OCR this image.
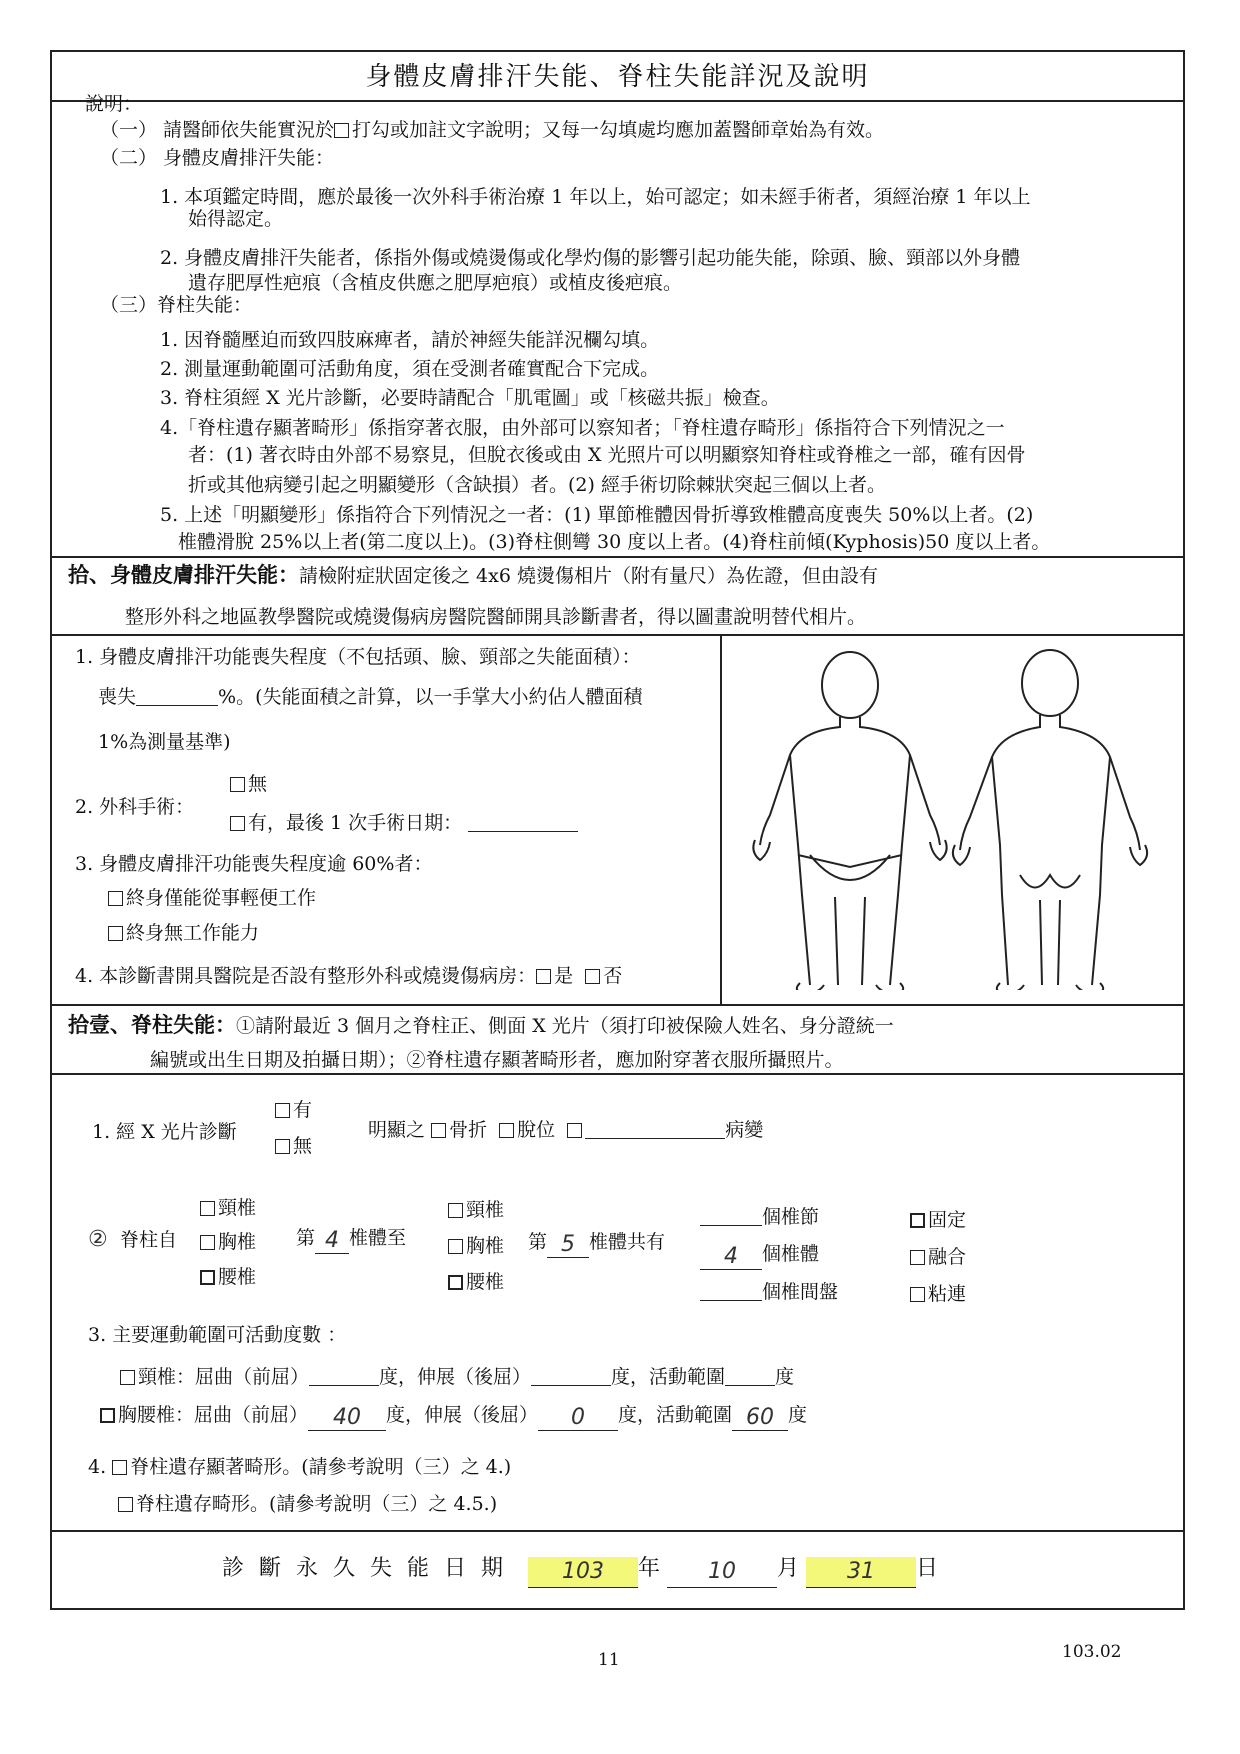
身體皮膚排汗失能、脊柱失能詳況及說明
說明：
（一） 請醫師依失能實況於 打勾或加註文字說明；又每一勾填處均應加蓋醫師章始為有效。
（二） 身體皮膚排汗失能：
1. 本項鑑定時間，應於最後一次外科手術治療 1 年以上，始可認定；如未經手術者，須經治療 1 年以上
始得認定。
2. 身體皮膚排汗失能者，係指外傷或燒燙傷或化學灼傷的影響引起功能失能，除頭、臉、頸部以外身體
遺存肥厚性疤痕（含植皮供應之肥厚疤痕）或植皮後疤痕。
（三）脊柱失能：
1. 因脊髓壓迫而致四肢麻痺者，請於神經失能詳況欄勾填。
2. 測量運動範圍可活動角度，須在受測者確實配合下完成。
3. 脊柱須經 X 光片診斷，必要時請配合「肌電圖」或「核磁共振」檢查。
4.「脊柱遺存顯著畸形」係指穿著衣服，由外部可以察知者；「脊柱遺存畸形」係指符合下列情況之一
者：(1) 著衣時由外部不易察見，但脫衣後或由 X 光照片可以明顯察知脊柱或脊椎之一部，確有因骨
折或其他病變引起之明顯變形（含缺損）者。(2) 經手術切除棘狀突起三個以上者。
5. 上述「明顯變形」係指符合下列情況之一者：(1) 單節椎體因骨折導致椎體高度喪失 50%以上者。(2)
椎體滑脫 25%以上者(第二度以上)。(3)脊柱側彎 30 度以上者。(4)脊柱前傾(Kyphosis)50 度以上者。
拾、身體皮膚排汗失能：請檢附症狀固定後之 4x6 燒燙傷相片（附有量尺）為佐證，但由設有
整形外科之地區教學醫院或燒燙傷病房醫院醫師開具診斷書者，得以圖畫說明替代相片。
1. 身體皮膚排汗功能喪失程度（不包括頭、臉、頸部之失能面積）：
喪失	%。(失能面積之計算，以一手掌大小約佔人體面積
1%為測量基準)
2. 外科手術：
無
有，最後 1 次手術日期：
3. 身體皮膚排汗功能喪失程度逾 60%者：
終身僅能從事輕便工作
終身無工作能力
4. 本診斷書開具醫院是否設有整形外科或燒燙傷病房： 是 否
拾壹、脊柱失能：①請附最近 3 個月之脊柱正、側面 X 光片（須打印被保險人姓名、身分證統一
編號或出生日期及拍攝日期）；②脊柱遺存顯著畸形者，應加附穿著衣服所攝照片。
1. 經 X 光片診斷
有
無
明顯之 骨折 脫位	病變
② 脊柱自
頸椎
胸椎
腰椎
第 4 椎體至
頸椎
胸椎
腰椎
第 5 椎體共有
個椎節
4 個椎體
個椎間盤
固定
融合
粘連
3. 主要運動範圍可活動度數 ：
頸椎：屈曲（前屈）	度，伸展（後屈）	度，活動範圍	度
胸腰椎：屈曲（前屈） 40 度，伸展（後屈） 0 度，活動範圍 60 度
4. 脊柱遺存顯著畸形。(請參考說明（三）之 4.)
脊柱遺存畸形。(請參考說明（三）之 4.5.)
診 斷 永 久 失 能 日 期	103 年 10 月 31 日
11	103.02
